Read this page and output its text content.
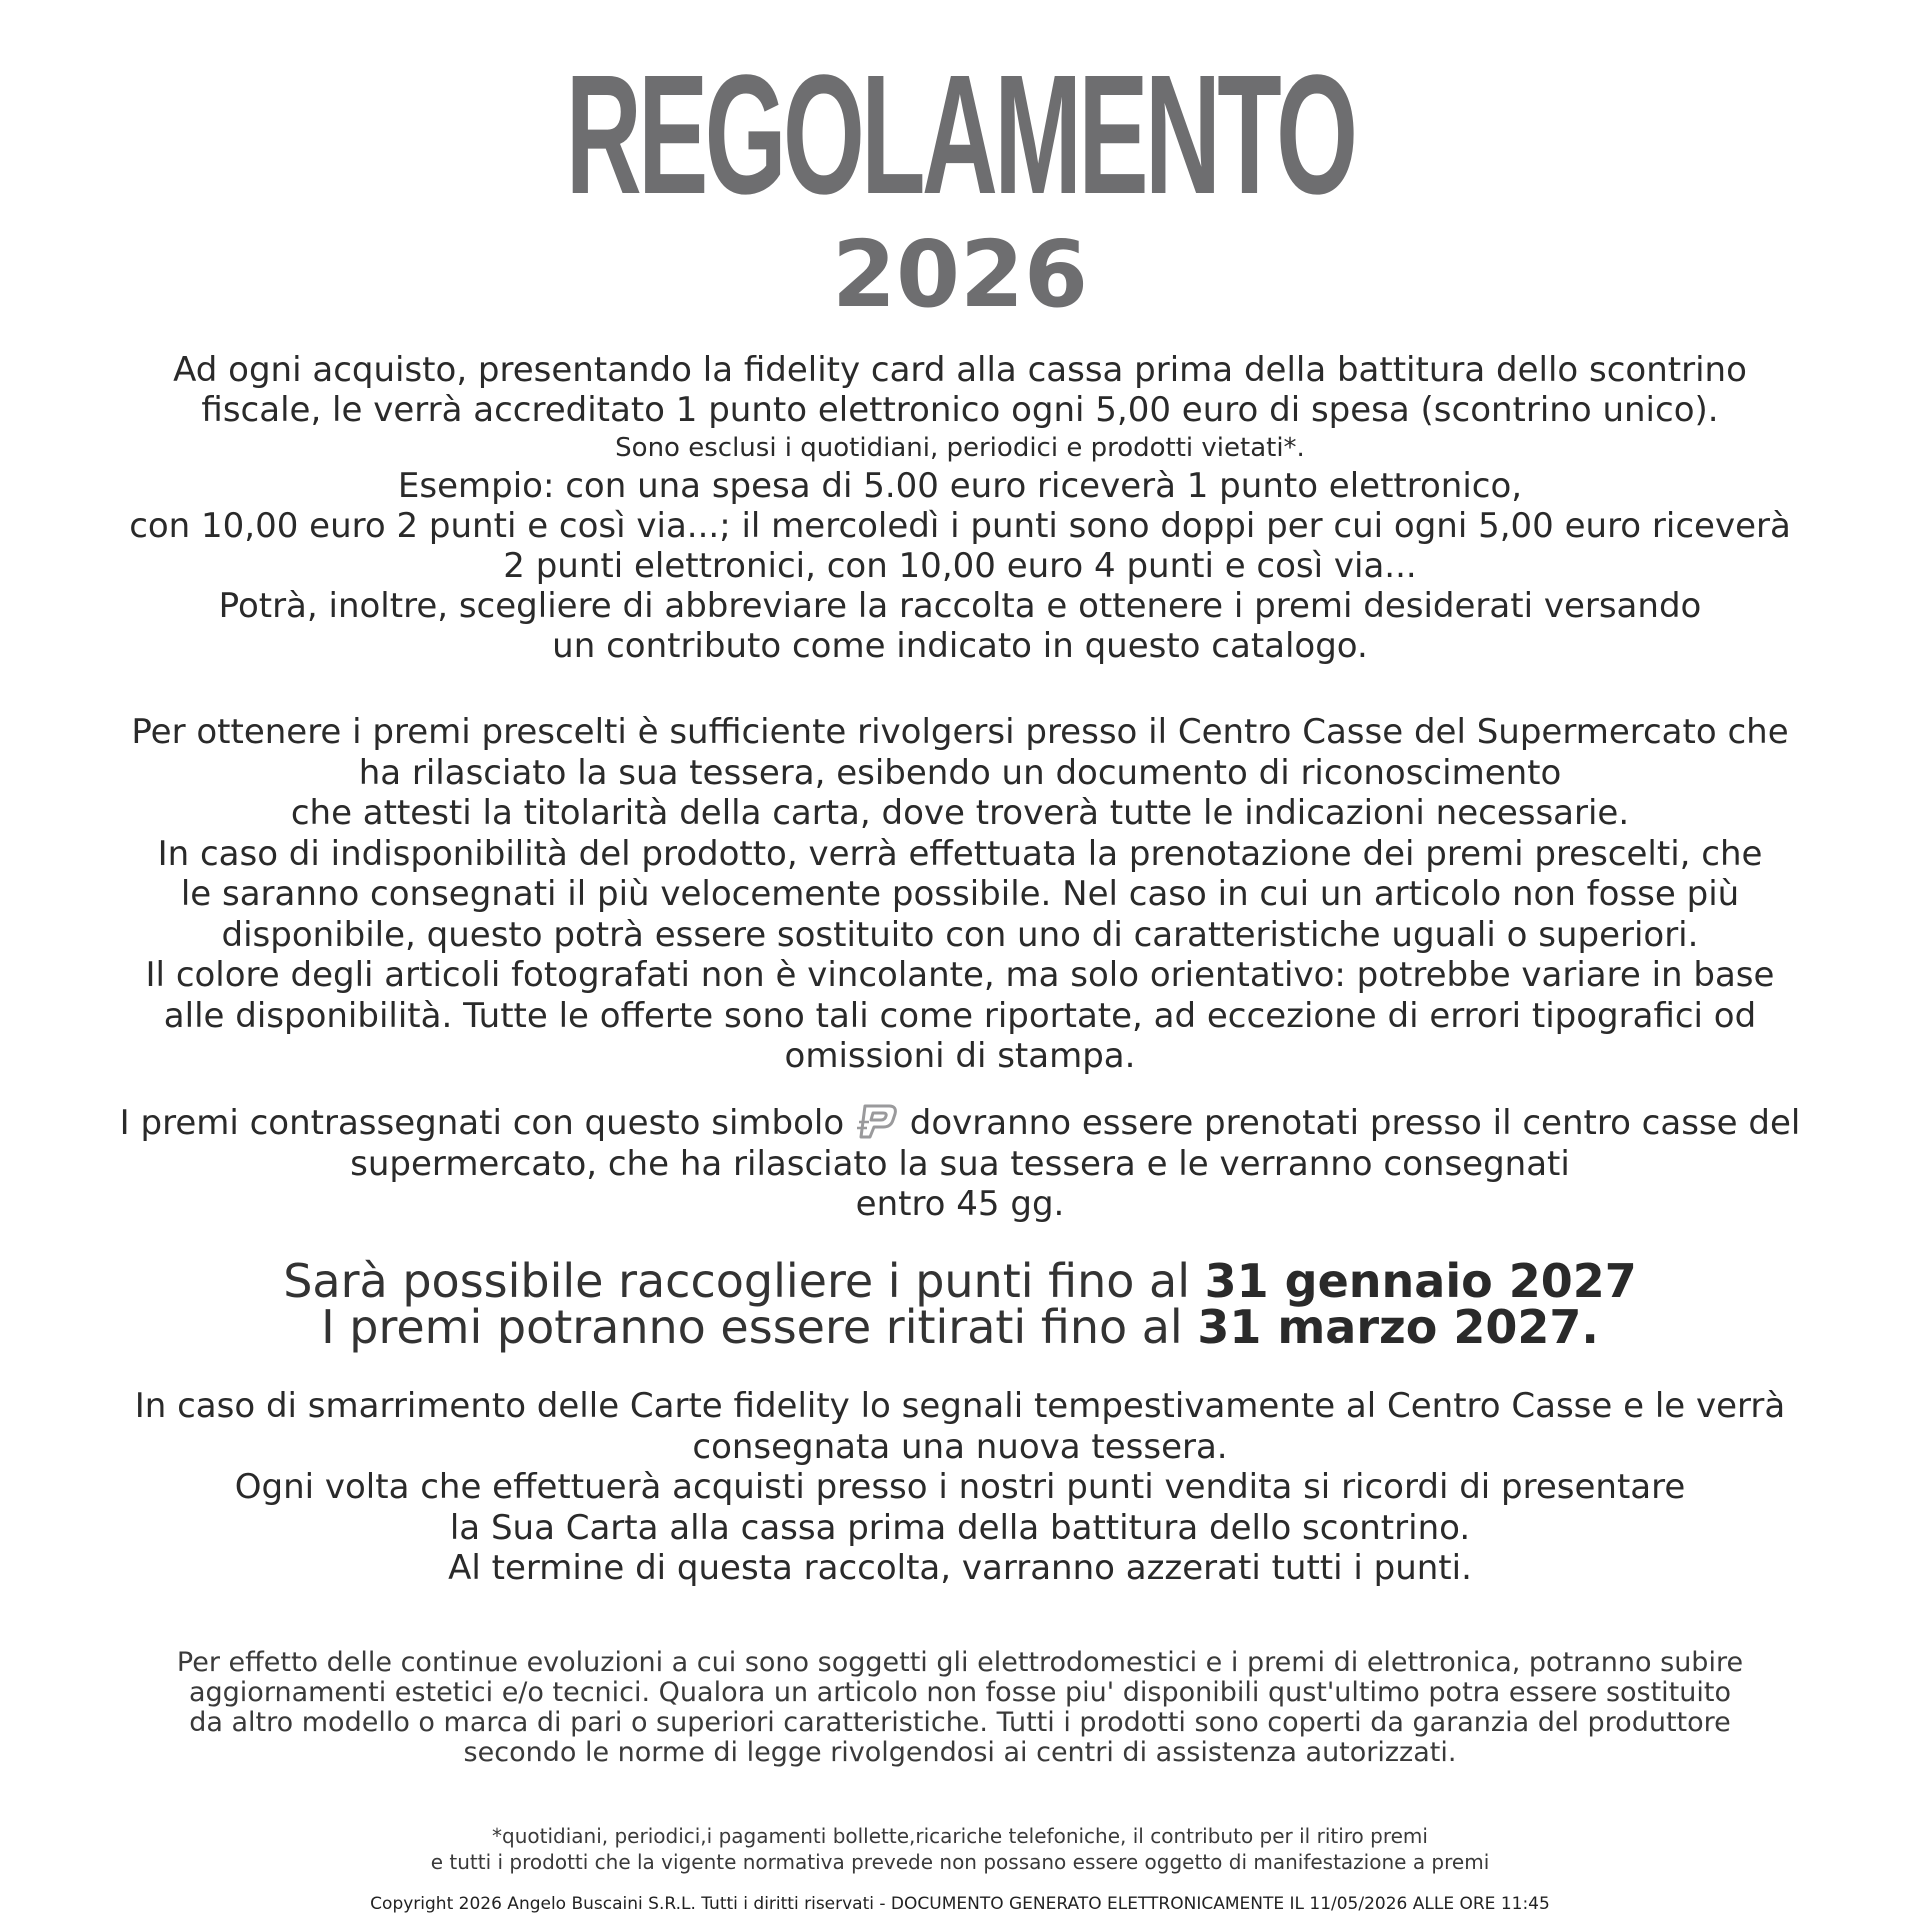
REGOLAMENTO
2026
Ad ogni acquisto, presentando la fidelity card alla cassa prima della battitura dello scontrino
fiscale, le verrà accreditato 1 punto elettronico ogni 5,00 euro di spesa (scontrino unico).
Sono esclusi i quotidiani, periodici e prodotti vietati*.
Esempio: con una spesa di 5.00 euro riceverà 1 punto elettronico,
con 10,00 euro 2 punti e così via...; il mercoledì i punti sono doppi per cui ogni 5,00 euro riceverà
2 punti elettronici, con 10,00 euro 4 punti e così via...
Potrà, inoltre, scegliere di abbreviare la raccolta e ottenere i premi desiderati versando
un contributo come indicato in questo catalogo.
Per ottenere i premi prescelti è sufficiente rivolgersi presso il Centro Casse del Supermercato che
ha rilasciato la sua tessera, esibendo un documento di riconoscimento
che attesti la titolarità della carta, dove troverà tutte le indicazioni necessarie.
In caso di indisponibilità del prodotto, verrà effettuata la prenotazione dei premi prescelti, che
le saranno consegnati il più velocemente possibile. Nel caso in cui un articolo non fosse più
disponibile, questo potrà essere sostituito con uno di caratteristiche uguali o superiori.
Il colore degli articoli fotografati non è vincolante, ma solo orientativo: potrebbe variare in base
alle disponibilità. Tutte le offerte sono tali come riportate, ad eccezione di errori tipografici od
omissioni di stampa.
I premi contrassegnati con questo simbolo dovranno essere prenotati presso il centro casse del
supermercato, che ha rilasciato la sua tessera e le verranno consegnati
entro 45 gg.
Sarà possibile raccogliere i punti fino al 31 gennaio 2027
I premi potranno essere ritirati fino al 31 marzo 2027.
In caso di smarrimento delle Carte fidelity lo segnali tempestivamente al Centro Casse e le verrà
consegnata una nuova tessera.
Ogni volta che effettuerà acquisti presso i nostri punti vendita si ricordi di presentare
la Sua Carta alla cassa prima della battitura dello scontrino.
Al termine di questa raccolta, varranno azzerati tutti i punti.
Per effetto delle continue evoluzioni a cui sono soggetti gli elettrodomestici e i premi di elettronica, potranno subire
aggiornamenti estetici e/o tecnici. Qualora un articolo non fosse piu' disponibili qust'ultimo potra essere sostituito
da altro modello o marca di pari o superiori caratteristiche. Tutti i prodotti sono coperti da garanzia del produttore
secondo le norme di legge rivolgendosi ai centri di assistenza autorizzati.
*quotidiani, periodici,i pagamenti bollette,ricariche telefoniche, il contributo per il ritiro premi
e tutti i prodotti che la vigente normativa prevede non possano essere oggetto di manifestazione a premi
Copyright 2026 Angelo Buscaini S.R.L. Tutti i diritti riservati - DOCUMENTO GENERATO ELETTRONICAMENTE IL 11/05/2026 ALLE ORE 11:45
